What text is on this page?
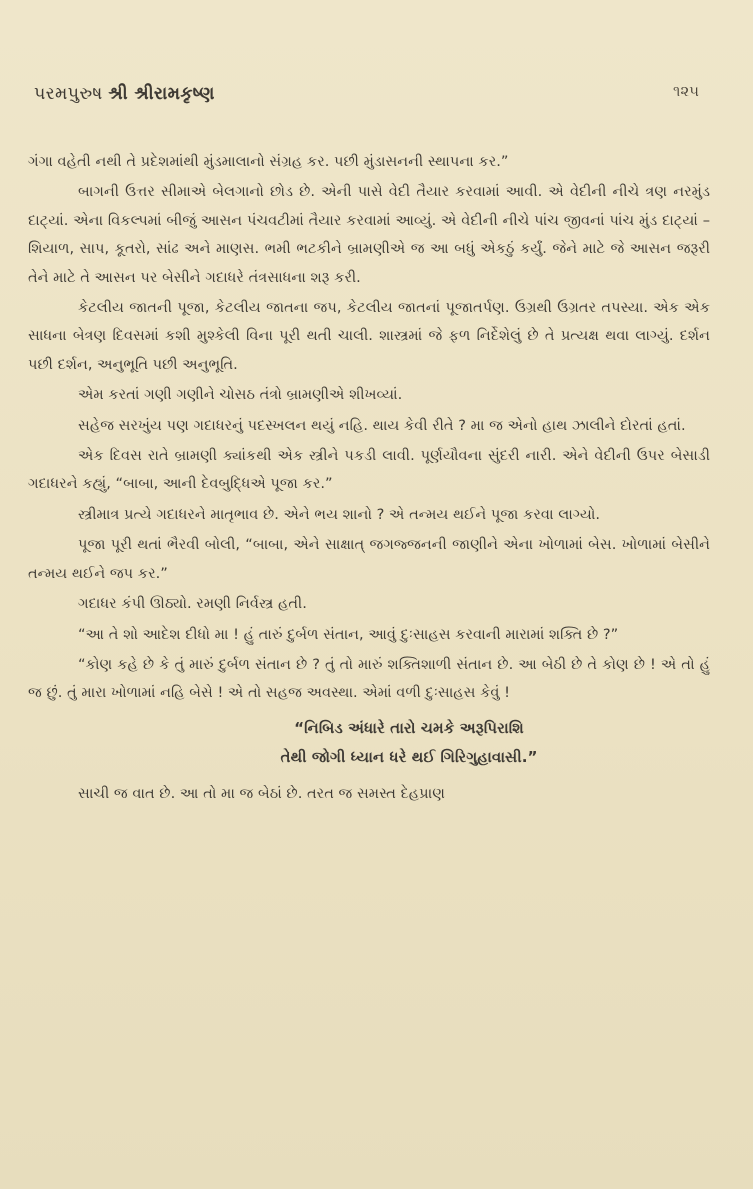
પરમપુરુષ શ્રી શ્રીરામકૃષ્ણ	૧૨૫

ગંગા વહેતી નથી તે પ્રદેશમાંથી મુંડમાલાનો સંગ્રહ કર. પછી મુંડાસનની સ્થાપના કર.”

બાગની ઉત્તર સીમાએ બેલગાનો છોડ છે. એની પાસે વેદી તૈયાર કરવામાં આવી. એ વેદીની નીચે ત્રણ નરમુંડ દાટ્યાં. એના વિકલ્પમાં બીજું આસન પંચવટીમાં તૈયાર કરવામાં આવ્યું. એ વેદીની નીચે પાંચ જીવનાં પાંચ મુંડ દાટ્યાં – શિયાળ, સાપ, કૂતરો, સાંઢ અને માણસ. ભમી ભટકીને બ્રામણીએ જ આ બધું એકઠું કર્યું. જેને માટે જે આસન જરૂરી તેને માટે તે આસન પર બેસીને ગદાધરે તંત્રસાધના શરૂ કરી.

કેટલીય જાતની પૂજા, કેટલીય જાતના જપ, કેટલીય જાતનાં પૂજાતર્પણ. ઉગ્રથી ઉગ્રતર તપસ્યા. એક એક સાધના બેત્રણ દિવસમાં કશી મુશ્કેલી વિના પૂરી થતી ચાલી. શાસ્ત્રમાં જે ફળ નિર્દેશેલું છે તે પ્રત્યક્ષ થવા લાગ્યું. દર્શન પછી દર્શન, અનુભૂતિ પછી અનુભૂતિ.

એમ કરતાં ગણી ગણીને ચોસઠ તંત્રો બ્રામણીએ શીખવ્યાં.

સહેજ સરખુંય પણ ગદાધરનું પદસ્ખલન થયું નહિ. થાય કેવી રીતે ? મા જ એનો હાથ ઝાલીને દોરતાં હતાં.

એક દિવસ રાતે બ્રામણી ક્યાંકથી એક સ્ત્રીને પકડી લાવી. પૂર્ણયૌવના સુંદરી નારી. એને વેદીની ઉપર બેસાડી ગદાધરને કહ્યું, “બાબા, આની દેવબુદ્ધિએ પૂજા કર.”

સ્ત્રીમાત્ર પ્રત્યે ગદાધરને માતૃભાવ છે. એને ભય શાનો ? એ તન્મય થઈને પૂજા કરવા લાગ્યો.

પૂજા પૂરી થતાં ભૈરવી બોલી, “બાબા, એને સાક્ષાત્ જગજ્જનની જાણીને એના ખોળામાં બેસ. ખોળામાં બેસીને તન્મય થઈને જપ કર.”

ગદાધર કંપી ઊઠ્યો. રમણી નિર્વસ્ત્ર હતી.

“આ તે શો આદેશ દીધો મા ! હું તારું દુર્બળ સંતાન, આવું દુઃસાહસ કરવાની મારામાં શક્તિ છે ?”

“કોણ કહે છે કે તું મારું દુર્બળ સંતાન છે ? તું તો મારું શક્તિશાળી સંતાન છે. આ બેઠી છે તે કોણ છે ! એ તો હું જ છું. તું મારા ખોળામાં નહિ બેસે ! એ તો સહજ અવસ્થા. એમાં વળી દુઃસાહસ કેવું !

“નિબિડ અંધારે તારો ચમકે અરૂપિરાશિ
તેથી જોગી ધ્યાન ધરે થઈ ગિરિગુહાવાસી.”

સાચી જ વાત છે. આ તો મા જ બેઠાં છે. તરત જ સમસ્ત દેહપ્રાણ
